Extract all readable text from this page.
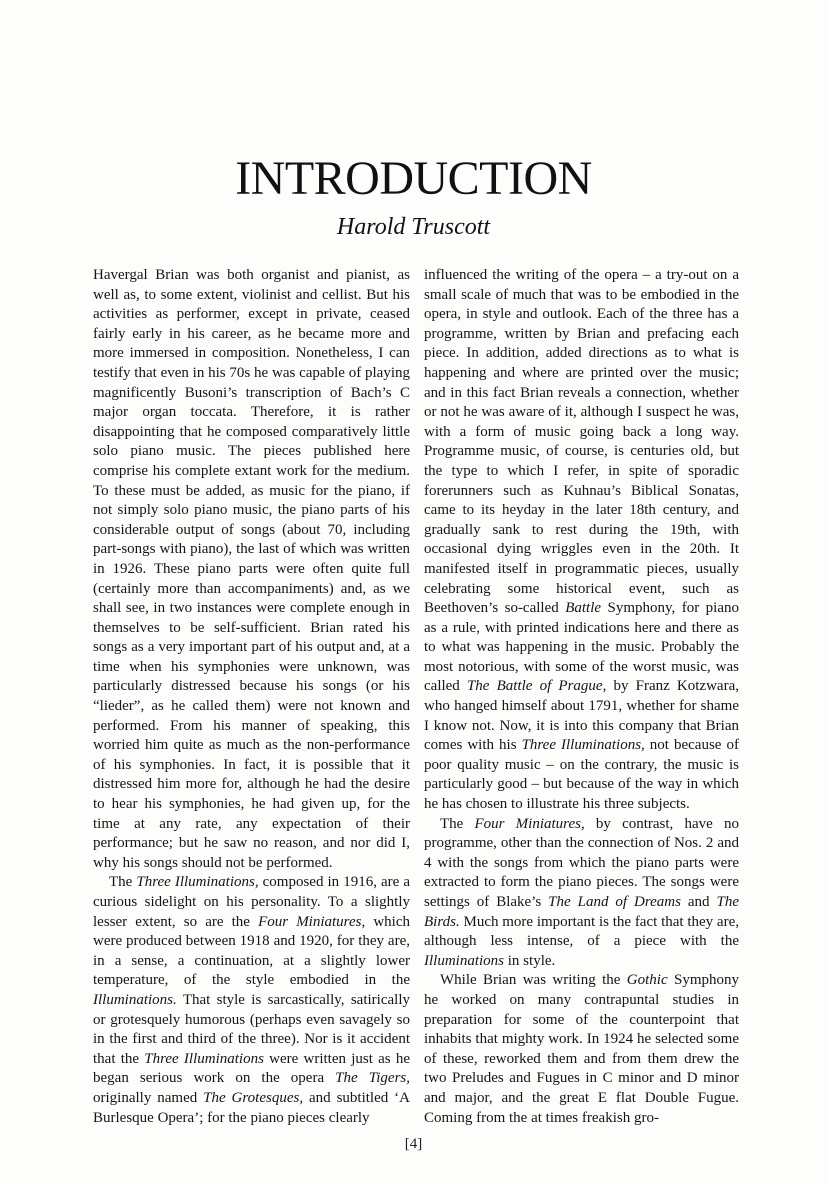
INTRODUCTION
Harold Truscott

Havergal Brian was both organist and pianist, as well as, to some extent, violinist and cellist. But his activities as performer, except in private, ceased fairly early in his career, as he became more and more immersed in composition. Nonetheless, I can testify that even in his 70s he was capable of playing magnificently Busoni’s transcription of Bach’s C major organ toccata. Therefore, it is rather disappointing that he composed comparatively little solo piano music. The pieces published here comprise his complete extant work for the medium. To these must be added, as music for the piano, if not simply solo piano music, the piano parts of his considerable output of songs (about 70, including part-songs with piano), the last of which was written in 1926. These piano parts were often quite full (certainly more than accompaniments) and, as we shall see, in two instances were complete enough in themselves to be self-sufficient. Brian rated his songs as a very important part of his output and, at a time when his symphonies were unknown, was particularly distressed because his songs (or his “lieder”, as he called them) were not known and performed. From his manner of speaking, this worried him quite as much as the non-performance of his symphonies. In fact, it is possible that it distressed him more for, although he had the desire to hear his symphonies, he had given up, for the time at any rate, any expectation of their performance; but he saw no reason, and nor did I, why his songs should not be performed.

The Three Illuminations, composed in 1916, are a curious sidelight on his personality. To a slightly lesser extent, so are the Four Miniatures, which were produced between 1918 and 1920, for they are, in a sense, a continuation, at a slightly lower temperature, of the style embodied in the Illuminations. That style is sarcastically, satirically or grotesquely humorous (perhaps even savagely so in the first and third of the three). Nor is it accident that the Three Illuminations were written just as he began serious work on the opera The Tigers, originally named The Grotesques, and subtitled ‘A Burlesque Opera’; for the piano pieces clearly

influenced the writing of the opera – a try-out on a small scale of much that was to be embodied in the opera, in style and outlook. Each of the three has a programme, written by Brian and prefacing each piece. In addition, added directions as to what is happening and where are printed over the music; and in this fact Brian reveals a connection, whether or not he was aware of it, although I suspect he was, with a form of music going back a long way. Programme music, of course, is centuries old, but the type to which I refer, in spite of sporadic forerunners such as Kuhnau’s Biblical Sonatas, came to its heyday in the later 18th century, and gradually sank to rest during the 19th, with occasional dying wriggles even in the 20th. It manifested itself in programmatic pieces, usually celebrating some historical event, such as Beethoven’s so-called Battle Symphony, for piano as a rule, with printed indications here and there as to what was happening in the music. Probably the most notorious, with some of the worst music, was called The Battle of Prague, by Franz Kotzwara, who hanged himself about 1791, whether for shame I know not. Now, it is into this company that Brian comes with his Three Illuminations, not because of poor quality music – on the contrary, the music is particularly good – but because of the way in which he has chosen to illustrate his three subjects.

The Four Miniatures, by contrast, have no programme, other than the connection of Nos. 2 and 4 with the songs from which the piano parts were extracted to form the piano pieces. The songs were settings of Blake’s The Land of Dreams and The Birds. Much more important is the fact that they are, although less intense, of a piece with the Illuminations in style.

While Brian was writing the Gothic Symphony he worked on many contrapuntal studies in preparation for some of the counterpoint that inhabits that mighty work. In 1924 he selected some of these, reworked them and from them drew the two Preludes and Fugues in C minor and D minor and major, and the great E flat Double Fugue. Coming from the at times freakish gro-

[4]
